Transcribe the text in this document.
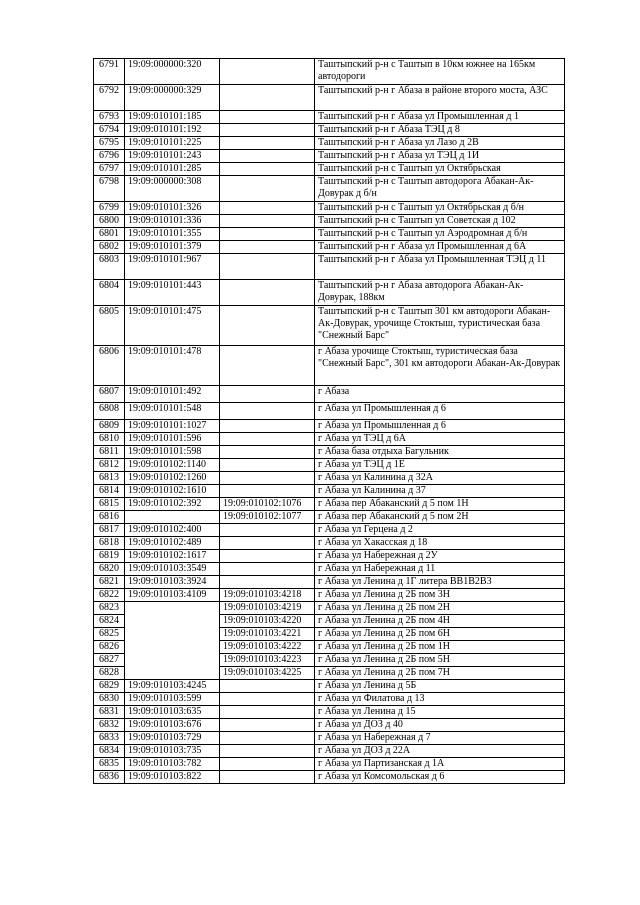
6791	19:09:000000:320		Таштыпский р-н с Таштып в 10км южнее на 165км автодороги
6792	19:09:000000:329		Таштыпский р-н г Абаза в районе второго моста, АЗС
6793	19:09:010101:185		Таштыпский р-н г Абаза ул Промышленная д 1
6794	19:09:010101:192		Таштыпский р-н г Абаза ТЭЦ д 8
6795	19:09:010101:225		Таштыпский р-н г Абаза ул Лазо д 2В
6796	19:09:010101:243		Таштыпский р-н г Абаза ул ТЭЦ д 1И
6797	19:09:010101:285		Таштыпский р-н с Таштып ул Октябрьская
6798	19:09:000000:308		Таштыпский р-н с Таштып автодорога Абакан-Ак-Довурак д б/н
6799	19:09:010101:326		Таштыпский р-н с Таштып ул Октябрьская д б/н
6800	19:09:010101:336		Таштыпский р-н с Таштып ул Советская д 102
6801	19:09:010101:355		Таштыпский р-н с Таштып ул Аэродромная д б/н
6802	19:09:010101:379		Таштыпский р-н г Абаза ул Промышленная д 6А
6803	19:09:010101:967		Таштыпский р-н г Абаза ул Промышленная ТЭЦ д 11
6804	19:09:010101:443		Таштыпский р-н г Абаза автодорога Абакан-Ак-Довурак, 188км
6805	19:09:010101:475		Таштыпский р-н с Таштып 301 км автодороги Абакан-Ак-Довурак, урочище Стоктыш, туристическая база "Снежный Барс"
6806	19:09:010101:478		г Абаза урочище Стоктыш, туристическая база "Снежный Барс", 301 км автодороги Абакан-Ак-Довурак
6807	19:09:010101:492		г Абаза
6808	19:09:010101:548		г Абаза ул Промышленная д 6
6809	19:09:010101:1027		г Абаза ул Промышленная д 6
6810	19:09:010101:596		г Абаза ул ТЭЦ д 6А
6811	19:09:010101:598		г Абаза база отдыха Багульник
6812	19:09:010102:1140		г Абаза ул ТЭЦ д 1Е
6813	19:09:010102:1260		г Абаза ул Калинина д 32А
6814	19:09:010102:1610		г Абаза ул Калинина д 37
6815	19:09:010102:392	19:09:010102:1076	г Абаза пер Абаканский д 5 пом 1Н
6816		19:09:010102:1077	г Абаза пер Абаканский д 5 пом 2Н
6817	19:09:010102:400		г Абаза ул Герцена д 2
6818	19:09:010102:489		г Абаза ул Хакасская д 18
6819	19:09:010102:1617		г Абаза ул Набережная д 2У
6820	19:09:010103:3549		г Абаза ул Набережная д 11
6821	19:09:010103:3924		г Абаза ул Ленина д 1Г литера ВВ1В2В3
6822	19:09:010103:4109	19:09:010103:4218	г Абаза ул Ленина д 2Б пом 3Н
6823		19:09:010103:4219	г Абаза ул Ленина д 2Б пом 2Н
6824		19:09:010103:4220	г Абаза ул Ленина д 2Б пом 4Н
6825		19:09:010103:4221	г Абаза ул Ленина д 2Б пом 6Н
6826		19:09:010103:4222	г Абаза ул Ленина д 2Б пом 1Н
6827		19:09:010103:4223	г Абаза ул Ленина д 2Б пом 5Н
6828		19:09:010103:4225	г Абаза ул Ленина д 2Б пом 7Н
6829	19:09:010103:4245		г Абаза ул Ленина д 5Б
6830	19:09:010103:599		г Абаза ул Филатова д 13
6831	19:09:010103:635		г Абаза ул Ленина д 15
6832	19:09:010103:676		г Абаза ул ДОЗ д 40
6833	19:09:010103:729		г Абаза ул Набережная д 7
6834	19:09:010103:735		г Абаза ул ДОЗ д 22А
6835	19:09:010103:782		г Абаза ул Партизанская д 1А
6836	19:09:010103:822		г Абаза ул Комсомольская д 6
